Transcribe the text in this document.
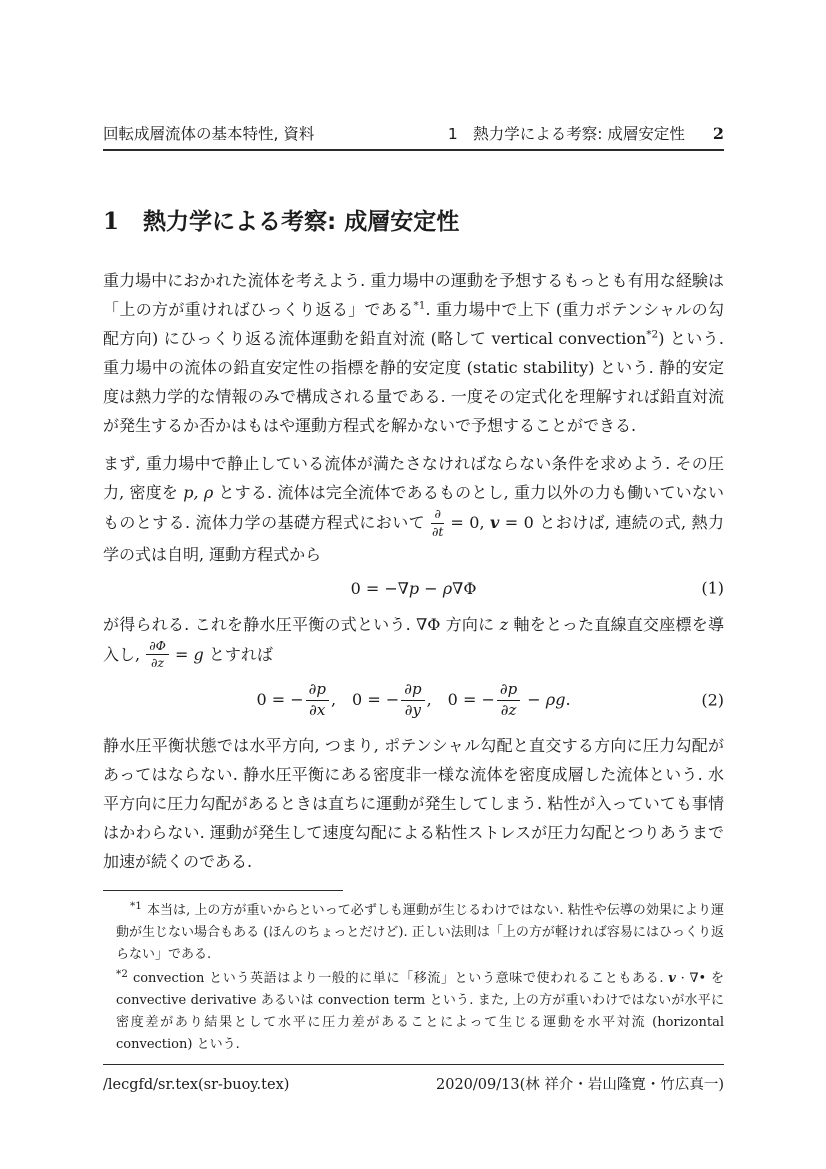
回転成層流体の基本特性, 資料	1　熱力学による考察: 成層安定性 2
1 熱力学による考察: 成層安定性

重力場中におかれた流体を考えよう. 重力場中の運動を予想するもっとも有用な経験は「上の方が重ければひっくり返る」である$^{*1}$. 重力場中で上下 (重力ポテンシャルの勾配方向) にひっくり返る流体運動を鉛直対流 (略して vertical convection$^{*2}$) という. 重力場中の流体の鉛直安定性の指標を静的安定度 (static stability) という. 静的安定度は熱力学的な情報のみで構成される量である. 一度その定式化を理解すれば鉛直対流が発生するか否かはもはや運動方程式を解かないで予想することができる.

まず, 重力場中で静止している流体が満たさなければならない条件を求めよう. その圧力, 密度を p, ρ とする. 流体は完全流体であるものとし, 重力以外の力も働いていないものとする. 流体力学の基礎方程式において $\frac{\partial}{\partial t} = 0$, v = 0 とおけば, 連続の式, 熱力学の式は自明, 運動方程式から

0 = −∇p − ρ∇Φ	(1)

が得られる. これを静水圧平衡の式という. ∇Φ 方向に z 軸をとった直線直交座標を導入し, $\frac{\partial\Phi}{\partial z} = g$ とすれば

0 = − $\frac{\partial p}{\partial x}$ ,　0 = − $\frac{\partial p}{\partial y}$ ,　0 = − $\frac{\partial p}{\partial z} - \rho g$.	(2)

静水圧平衡状態では水平方向, つまり, ポテンシャル勾配と直交する方向に圧力勾配があってはならない. 静水圧平衡にある密度非一様な流体を密度成層した流体という. 水平方向に圧力勾配があるときは直ちに運動が発生してしまう. 粘性が入っていても事情はかわらない. 運動が発生して速度勾配による粘性ストレスが圧力勾配とつりあうまで加速が続くのである.

$^{*1}$ 本当は, 上の方が重いからといって必ずしも運動が生じるわけではない. 粘性や伝導の効果により運動が生じない場合もある (ほんのちょっとだけど). 正しい法則は「上の方が軽ければ容易にはひっくり返らない」である.
$^{*2}$ convection という英語はより一般的に単に「移流」という意味で使われることもある. v · ∇• を convective derivative あるいは convection term という. また, 上の方が重いわけではないが水平に密度差があり結果として水平に圧力差があることによって生じる運動を水平対流 (horizontal convection) という.
/lecgfd/sr.tex(sr-buoy.tex)	2020/09/13(林 祥介・岩山隆寛・竹広真一)
